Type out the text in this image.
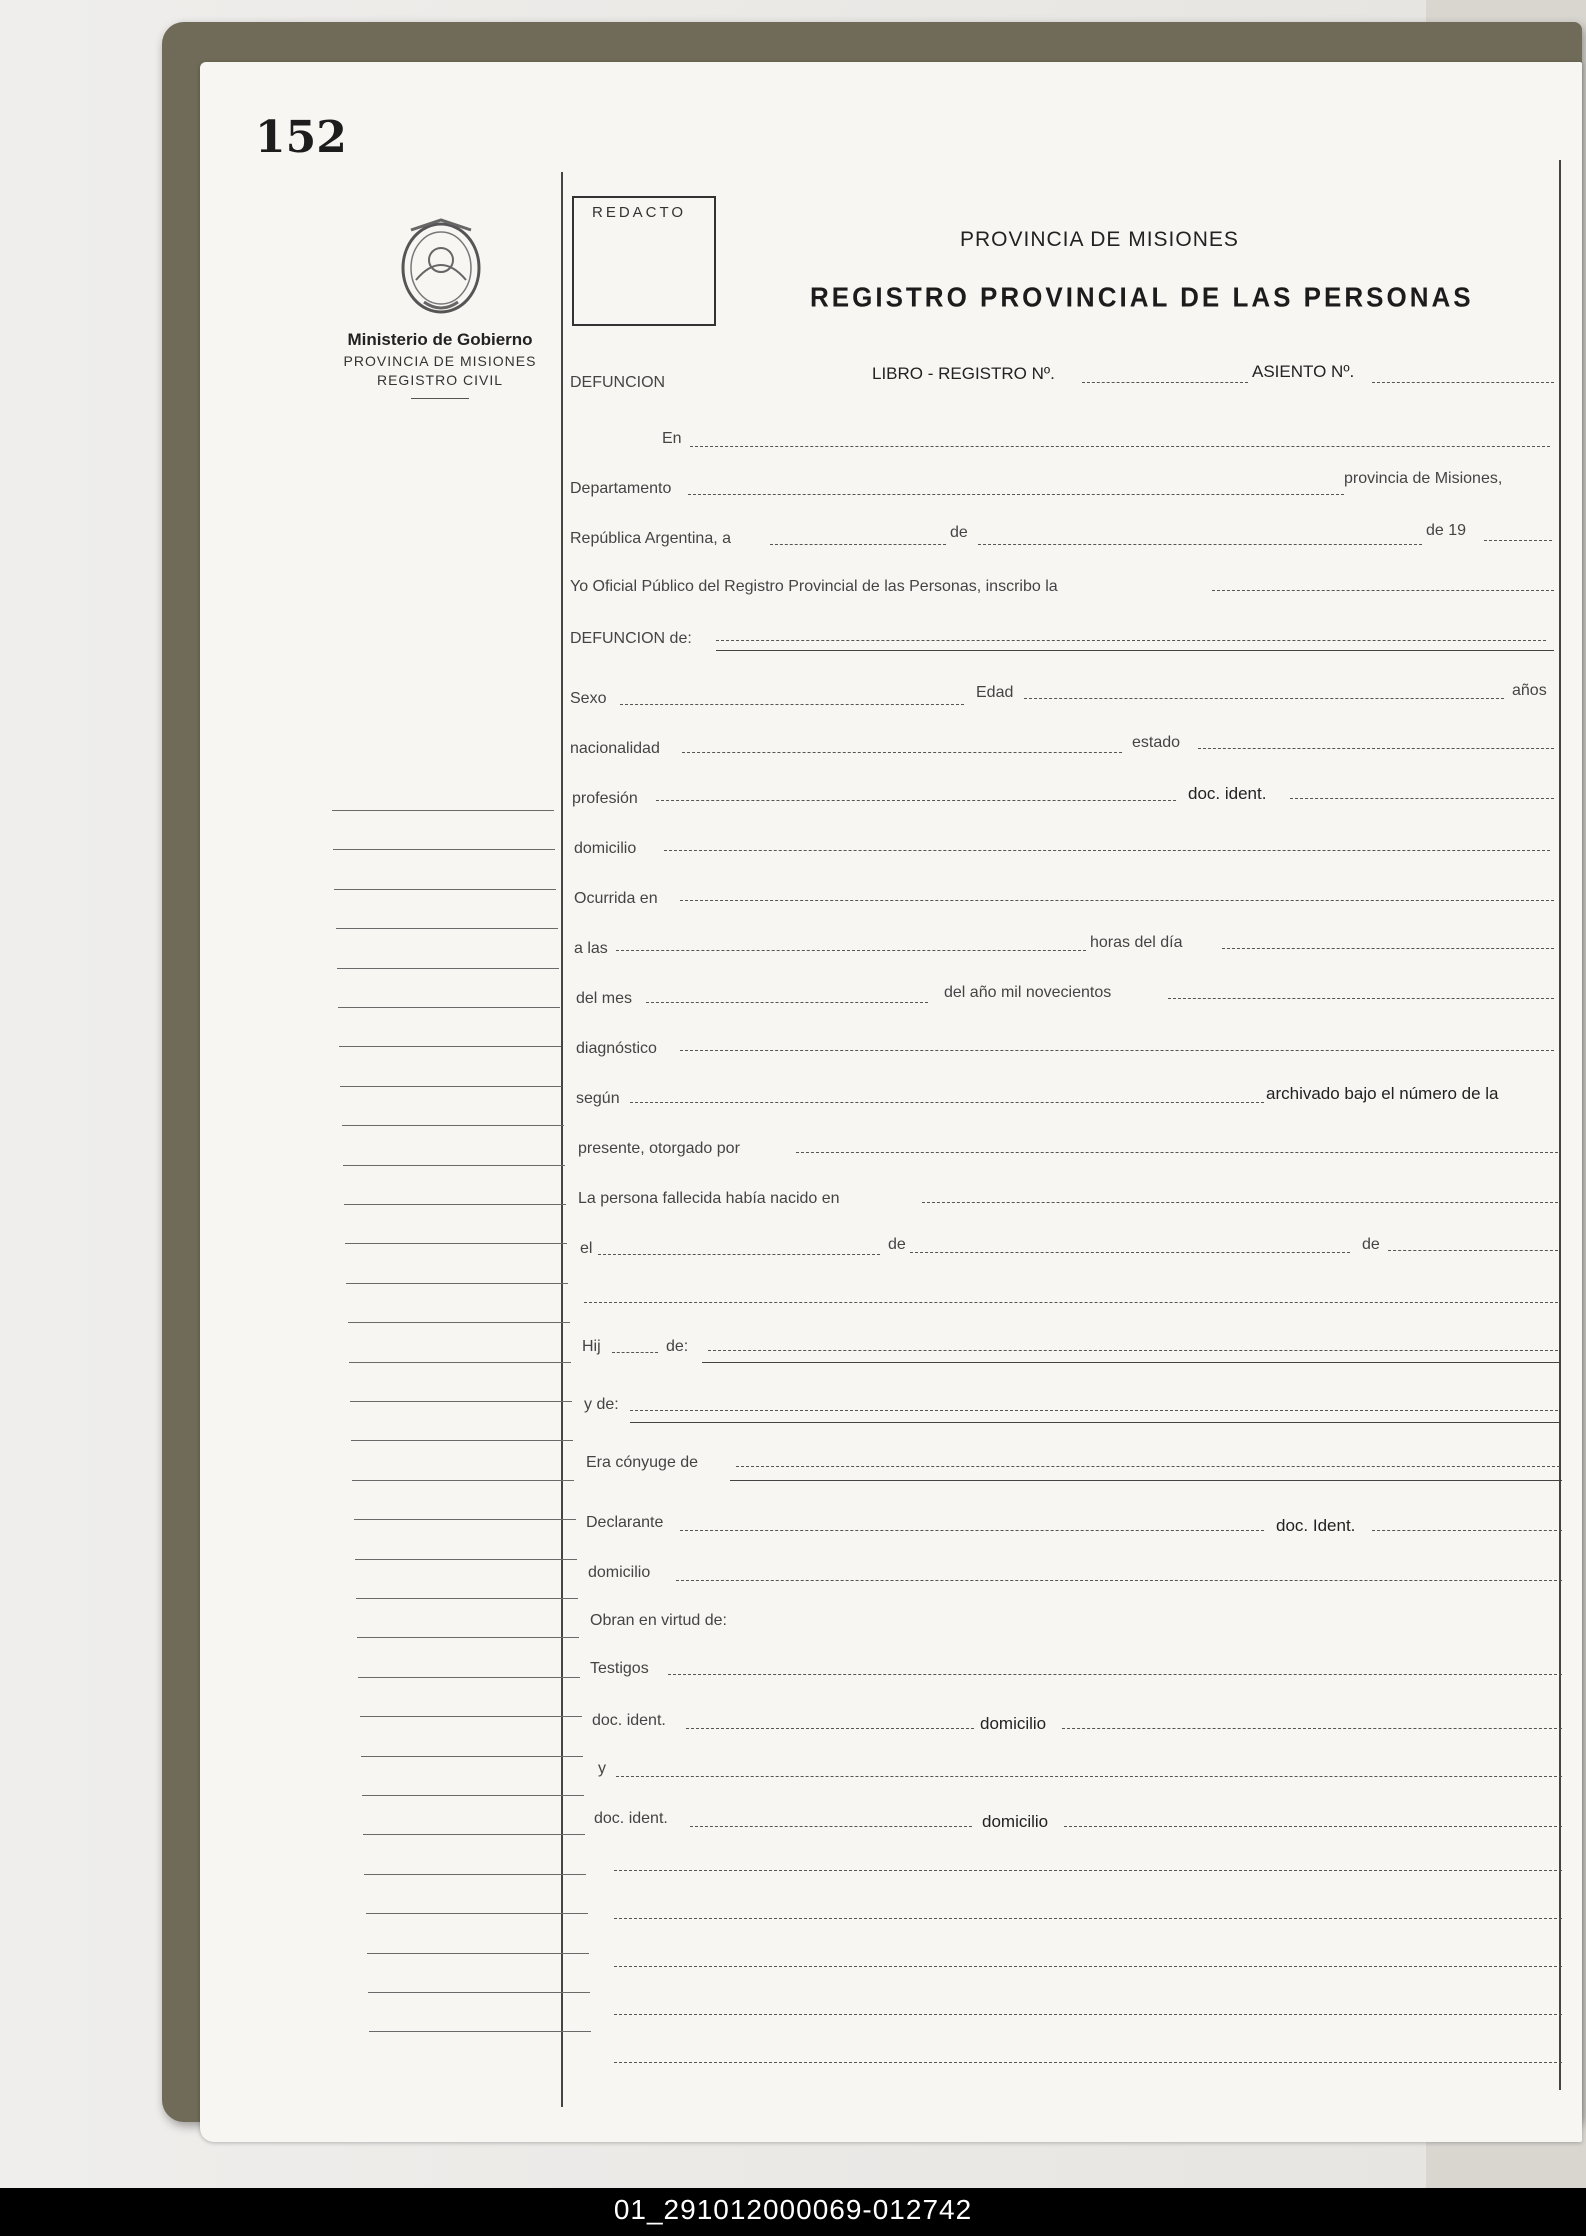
152
Ministerio de Gobierno
PROVINCIA DE MISIONES
REGISTRO CIVIL
REDACTO
PROVINCIA DE MISIONES
REGISTRO PROVINCIAL DE LAS PERSONAS
DEFUNCION	LIBRO - REGISTRO Nº.	ASIENTO Nº.
En
Departamento
provincia de Misiones,
República Argentina, a	de	de 19
Yo Oficial Público del Registro Provincial de las Personas, inscribo la
DEFUNCION de:
Sexo	Edad	años
nacionalidad	estado
profesión	doc. ident.
domicilio
Ocurrida en
a las	horas del día
del mes	del año mil novecientos
diagnóstico
según	archivado bajo el número de la
presente, otorgado por
La persona fallecida había nacido en
el	de	de
Hij	de:
y de:
Era cónyuge de
Declarante	doc. Ident.
domicilio
Obran en virtud de:
Testigos
doc. ident.	domicilio
y
doc. ident.	domicilio
01_291012000069-012742
